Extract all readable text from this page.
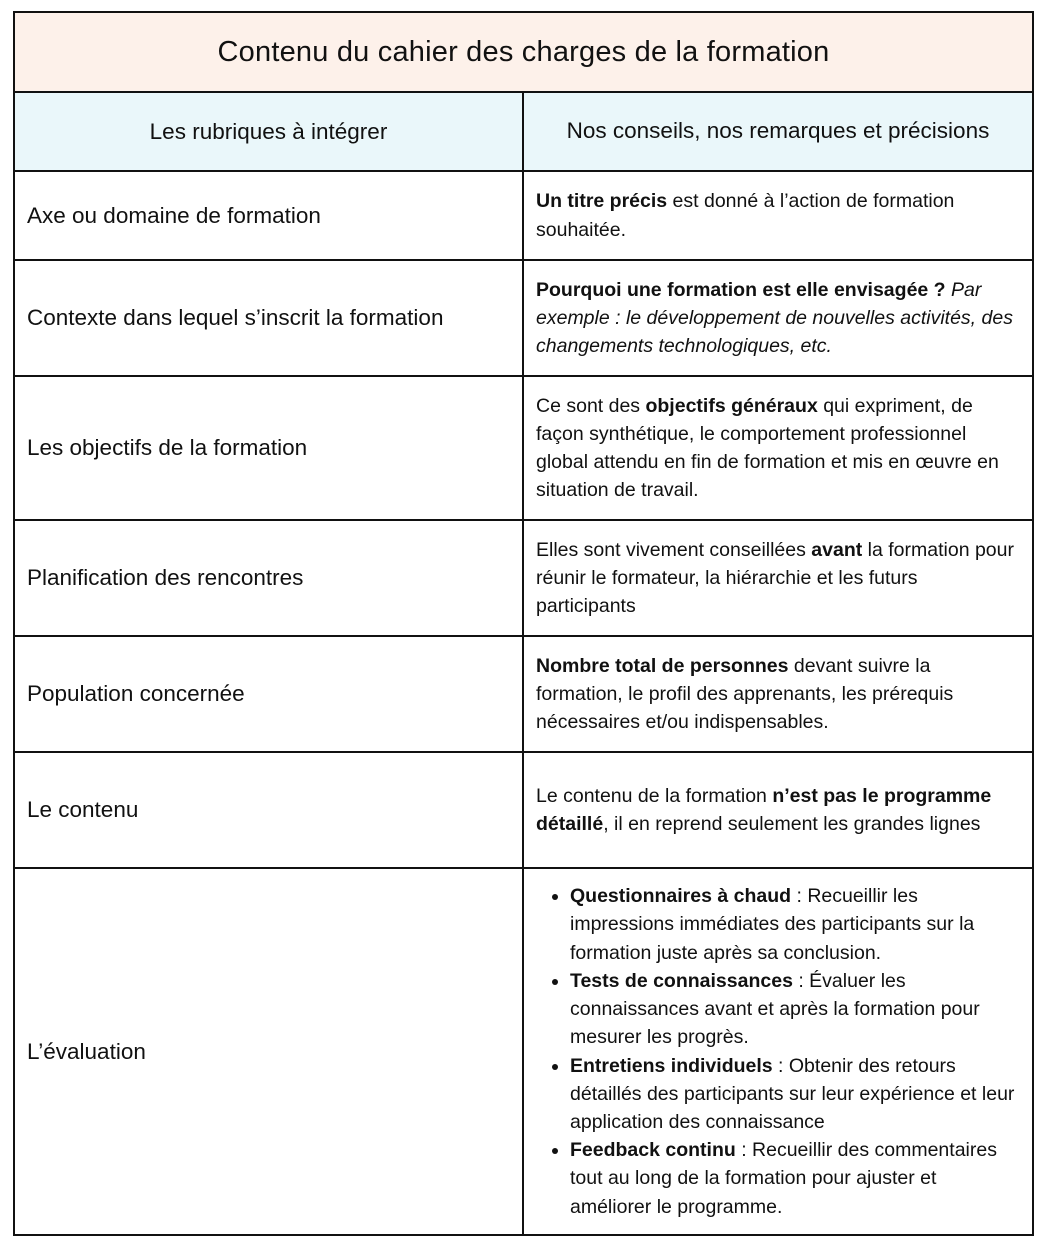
Contenu du cahier des charges de la formation
Les rubriques à intégrer	Nos conseils, nos remarques et précisions
Axe ou domaine de formation
Un titre précis est donné à l’action de formation souhaitée.
Contexte dans lequel s’inscrit la formation
Pourquoi une formation est elle envisagée ? Par exemple : le développement de nouvelles activités, des changements technologiques, etc.
Les objectifs de la formation
Ce sont des objectifs généraux qui expriment, de façon synthétique, le comportement professionnel global attendu en fin de formation et mis en œuvre en situation de travail.
Planification des rencontres
Elles sont vivement conseillées avant la formation pour réunir le formateur, la hiérarchie et les futurs participants
Population concernée
Nombre total de personnes devant suivre la formation, le profil des apprenants, les prérequis nécessaires et/ou indispensables.
Le contenu
Le contenu de la formation n’est pas le programme détaillé, il en reprend seulement les grandes lignes
L’évaluation
• Questionnaires à chaud : Recueillir les impressions immédiates des participants sur la formation juste après sa conclusion.
• Tests de connaissances : Évaluer les connaissances avant et après la formation pour mesurer les progrès.
• Entretiens individuels : Obtenir des retours détaillés des participants sur leur expérience et leur application des connaissance
• Feedback continu : Recueillir des commentaires tout au long de la formation pour ajuster et améliorer le programme.
